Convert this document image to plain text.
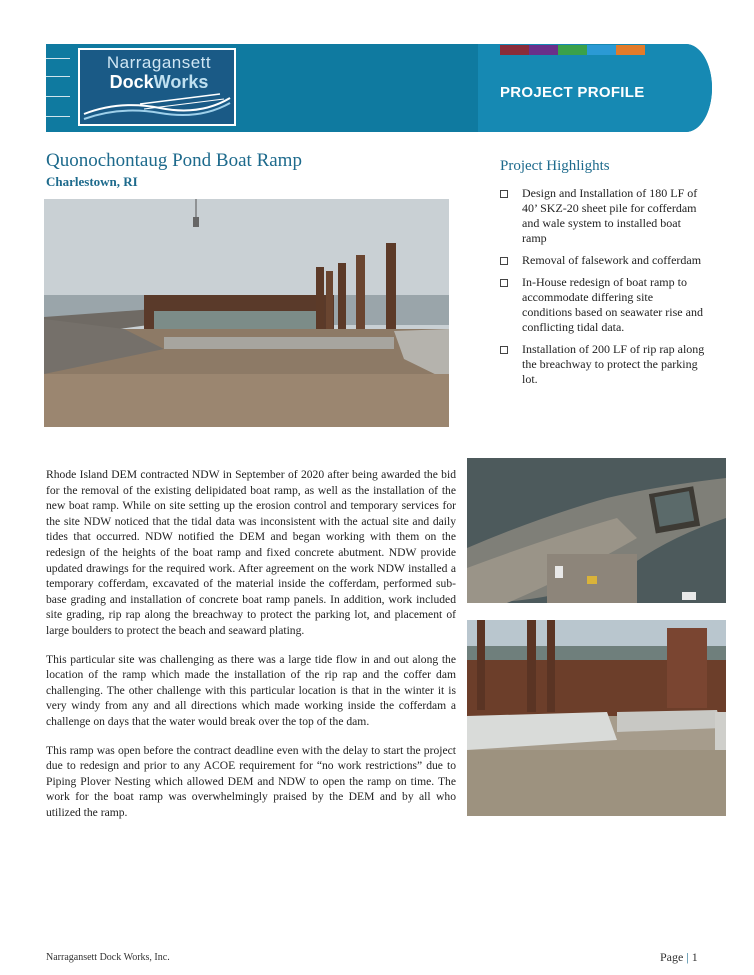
PROJECT PROFILE
Narragansett
DockWorks
Quonochontaug Pond Boat Ramp
Charlestown, RI
Project Highlights
Design and Installation of 180 LF of 40’ SKZ-20 sheet pile for cofferdam and wale system to installed boat ramp
Removal of falsework and cofferdam
In-House redesign of boat ramp to accommodate differing site conditions based on seawater rise and conflicting tidal data.
Installation of 200 LF of rip rap along the breachway to protect the parking lot.

Rhode Island DEM contracted NDW in September of 2020 after being awarded the bid for the removal of the existing delipidated boat ramp, as well as the installation of the new boat ramp. While on site setting up the erosion control and temporary services for the site NDW noticed that the tidal data was inconsistent with the actual site and daily tides that occurred. NDW notified the DEM and began working with them on the redesign of the heights of the boat ramp and fixed concrete abutment. NDW provide updated drawings for the required work. After agreement on the work NDW installed a temporary cofferdam, excavated of the material inside the cofferdam, performed sub-base grading and installation of concrete boat ramp panels. In addition, work included site grading, rip rap along the breachway to protect the parking lot, and placement of large boulders to protect the beach and seaward plating.

This particular site was challenging as there was a large tide flow in and out along the location of the ramp which made the installation of the rip rap and the coffer dam challenging. The other challenge with this particular location is that in the winter it is very windy from any and all directions which made working inside the cofferdam a challenge on days that the water would break over the top of the dam.

This ramp was open before the contract deadline even with the delay to start the project due to redesign and prior to any ACOE requirement for “no work restrictions” due to Piping Plover Nesting which allowed DEM and NDW to open the ramp on time. The work for the boat ramp was overwhelmingly praised by the DEM and by all who utilized the ramp.

Narragansett Dock Works, Inc.	Page | 1
